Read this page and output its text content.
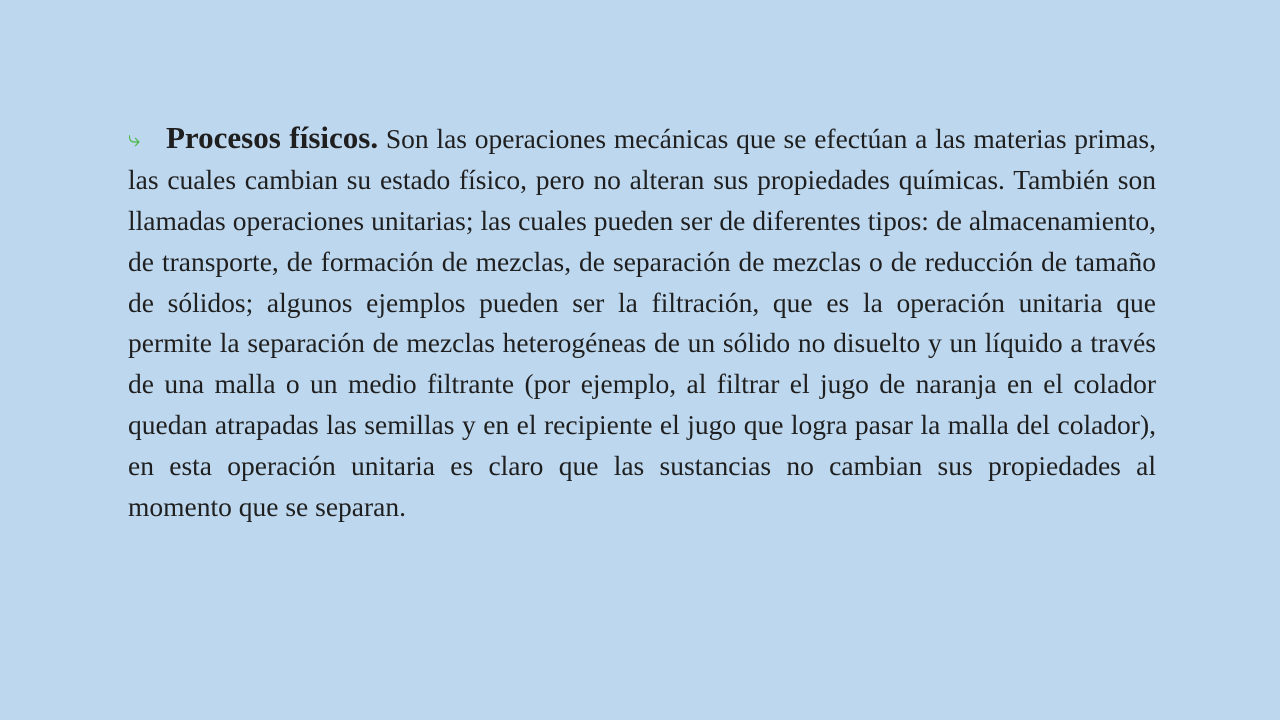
⤷ Procesos físicos. Son las operaciones mecánicas que se efectúan a las materias primas, las cuales cambian su estado físico, pero no alteran sus propiedades químicas. También son llamadas operaciones unitarias; las cuales pueden ser de diferentes tipos: de almacenamiento, de transporte, de formación de mezclas, de separación de mezclas o de reducción de tamaño de sólidos; algunos ejemplos pueden ser la filtración, que es la operación unitaria que permite la separación de mezclas heterogéneas de un sólido no disuelto y un líquido a través de una malla o un medio filtrante (por ejemplo, al filtrar el jugo de naranja en el colador quedan atrapadas las semillas y en el recipiente el jugo que logra pasar la malla del colador), en esta operación unitaria es claro que las sustancias no cambian sus propiedades al momento que se separan.
